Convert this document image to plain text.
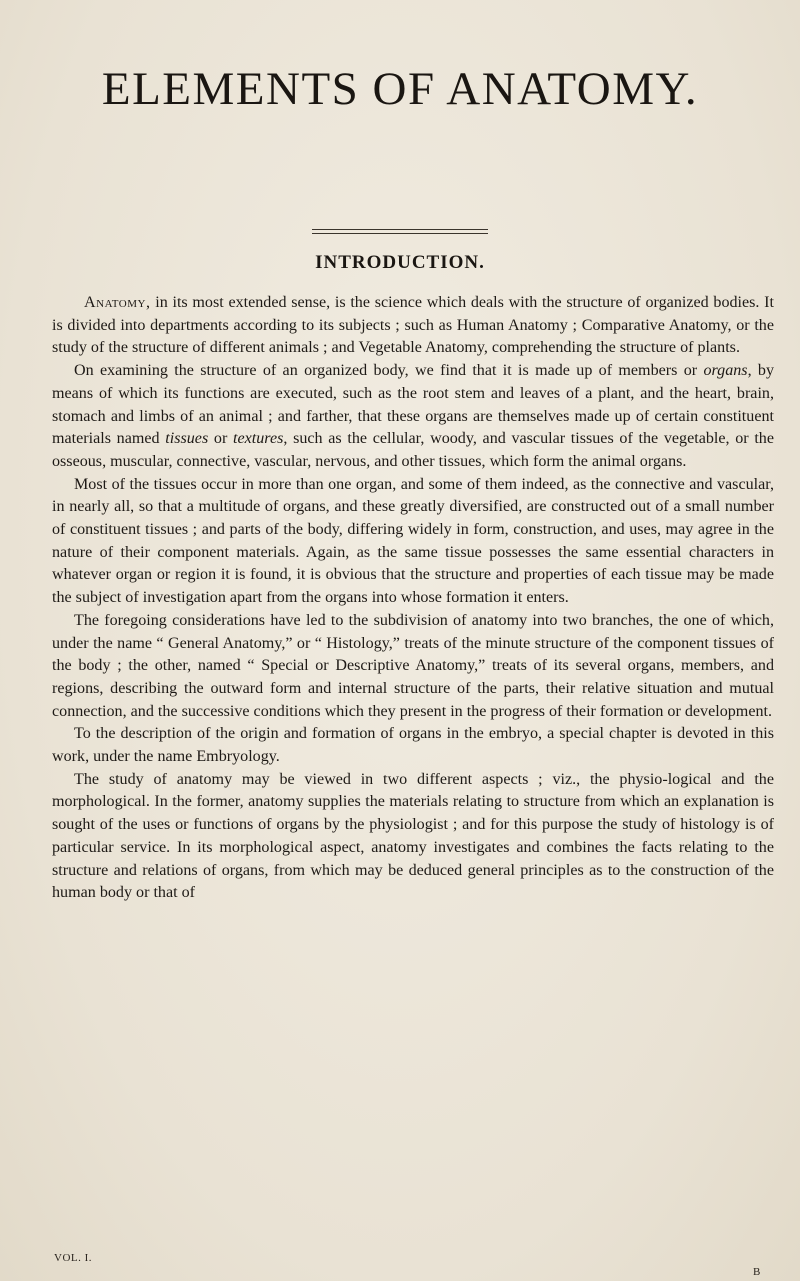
ELEMENTS OF ANATOMY.
INTRODUCTION.

Anatomy, in its most extended sense, is the science which deals with the structure of organized bodies. It is divided into departments according to its subjects ; such as Human Anatomy ; Comparative Anatomy, or the study of the structure of different animals ; and Vegetable Anatomy, comprehending the structure of plants.

On examining the structure of an organized body, we find that it is made up of members or organs, by means of which its functions are executed, such as the root stem and leaves of a plant, and the heart, brain, stomach and limbs of an animal ; and farther, that these organs are themselves made up of certain constituent materials named tissues or textures, such as the cellular, woody, and vascular tissues of the vegetable, or the osseous, muscular, connective, vascular, nervous, and other tissues, which form the animal organs.

Most of the tissues occur in more than one organ, and some of them indeed, as the connective and vascular, in nearly all, so that a multitude of organs, and these greatly diversified, are constructed out of a small number of constituent tissues ; and parts of the body, differing widely in form, construction, and uses, may agree in the nature of their component materials. Again, as the same tissue possesses the same essential characters in whatever organ or region it is found, it is obvious that the structure and properties of each tissue may be made the subject of investigation apart from the organs into whose formation it enters.

The foregoing considerations have led to the subdivision of anatomy into two branches, the one of which, under the name “ General Anatomy,” or “ Histology,” treats of the minute structure of the component tissues of the body ; the other, named “ Special or Descriptive Anatomy,” treats of its several organs, members, and regions, describing the outward form and internal structure of the parts, their relative situation and mutual connection, and the successive conditions which they present in the progress of their formation or development.

To the description of the origin and formation of organs in the embryo, a special chapter is devoted in this work, under the name Embryology.

The study of anatomy may be viewed in two different aspects ; viz., the physio-logical and the morphological. In the former, anatomy supplies the materials relating to structure from which an explanation is sought of the uses or functions of organs by the physiologist ; and for this purpose the study of histology is of particular service. In its morphological aspect, anatomy investigates and combines the facts relating to the structure and relations of organs, from which may be deduced general principles as to the construction of the human body or that of

VOL. I.
B
